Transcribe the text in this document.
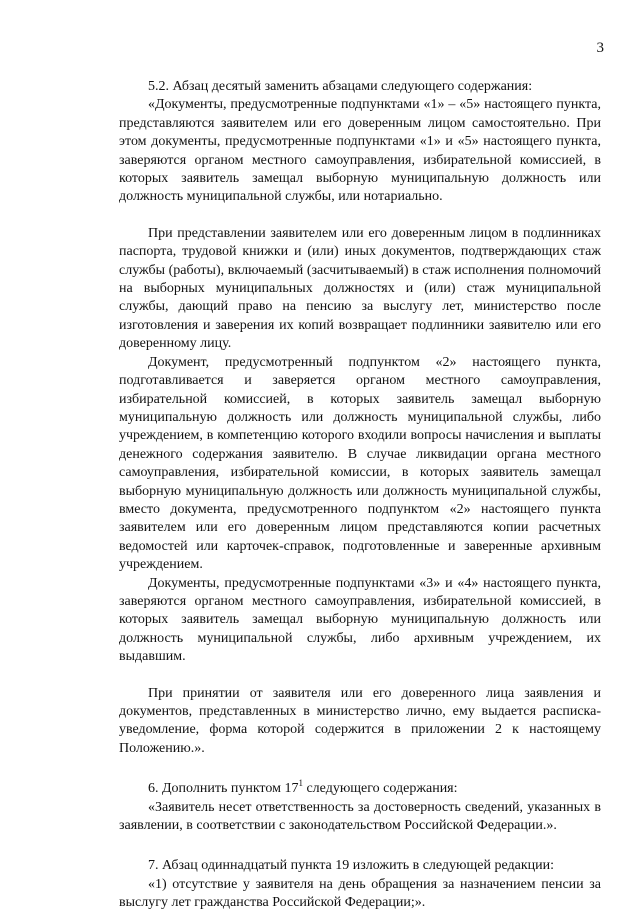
3

5.2. Абзац десятый заменить абзацами следующего содержания:

«Документы, предусмотренные подпунктами «1» – «5» настоящего пункта, представляются заявителем или его доверенным лицом самостоятельно. При этом документы, предусмотренные подпунктами «1» и «5» настоящего пункта, заверяются органом местного самоуправления, избирательной комиссией, в которых заявитель замещал выборную муниципальную должность или должность муниципальной службы, или нотариально.

При представлении заявителем или его доверенным лицом в подлинниках паспорта, трудовой книжки и (или) иных документов, подтверждающих стаж службы (работы), включаемый (засчитываемый) в стаж исполнения полномочий на выборных муниципальных должностях и (или) стаж муниципальной службы, дающий право на пенсию за выслугу лет, министерство после изготовления и заверения их копий возвращает подлинники заявителю или его доверенному лицу.

Документ, предусмотренный подпунктом «2» настоящего пункта, подготавливается и заверяется органом местного самоуправления, избирательной комиссией, в которых заявитель замещал выборную муниципальную должность или должность муниципальной службы, либо учреждением, в компетенцию которого входили вопросы начисления и выплаты денежного содержания заявителю. В случае ликвидации органа местного самоуправления, избирательной комиссии, в которых заявитель замещал выборную муниципальную должность или должность муниципальной службы, вместо документа, предусмотренного подпунктом «2» настоящего пункта заявителем или его доверенным лицом представляются копии расчетных ведомостей или карточек-справок, подготовленные и заверенные архивным учреждением.

Документы, предусмотренные подпунктами «3» и «4» настоящего пункта, заверяются органом местного самоуправления, избирательной комиссией, в которых заявитель замещал выборную муниципальную должность или должность муниципальной службы, либо архивным учреждением, их выдавшим.

При принятии от заявителя или его доверенного лица заявления и документов, представленных в министерство лично, ему выдается расписка-уведомление, форма которой содержится в приложении 2 к настоящему Положению.».

6. Дополнить пунктом $17^1$ следующего содержания:

«Заявитель несет ответственность за достоверность сведений, указанных в заявлении, в соответствии с законодательством Российской Федерации.».

7. Абзац одиннадцатый пункта 19 изложить в следующей редакции:

«1) отсутствие у заявителя на день обращения за назначением пенсии за выслугу лет гражданства Российской Федерации;».
